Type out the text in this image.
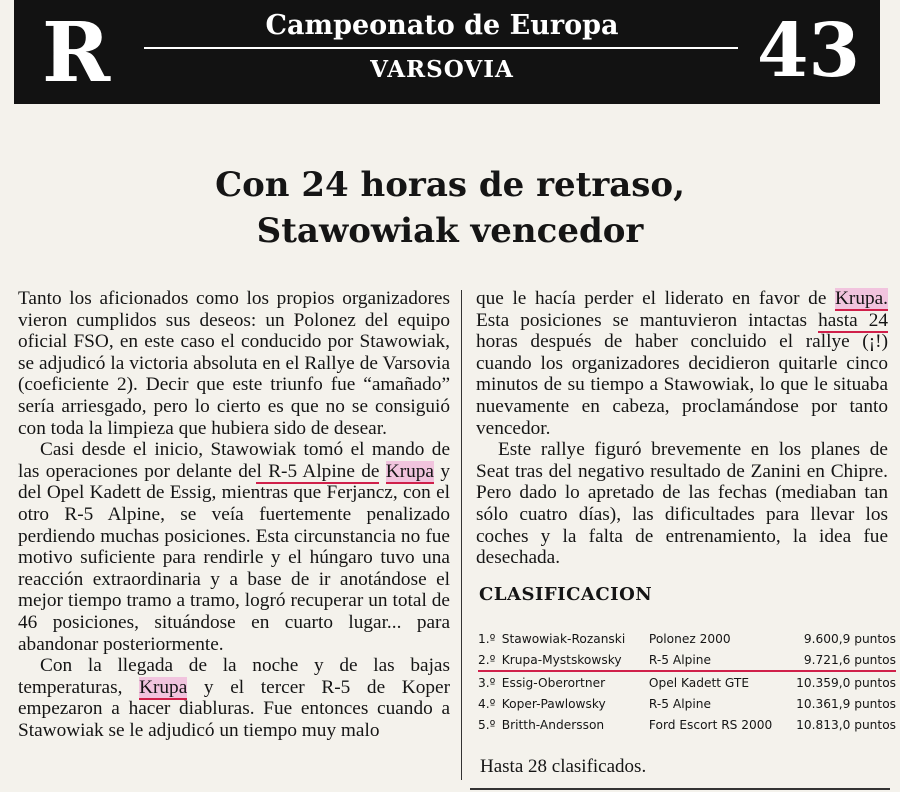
R	Campeonato de Europa
VARSOVIA	43
Con 24 horas de retraso,
Stawowiak vencedor

Tanto los aficionados como los propios organizadores vieron cumplidos sus deseos: un Polonez del equipo oficial FSO, en este caso el conducido por Stawowiak, se adjudicó la victoria absoluta en el Rallye de Varsovia (coeficiente 2). Decir que este triunfo fue “amañado” sería arriesgado, pero lo cierto es que no se consiguió con toda la limpieza que hubiera sido de desear.

Casi desde el inicio, Stawowiak tomó el mando de las operaciones por delante del R-5 Alpine de Krupa y del Opel Kadett de Essig, mientras que Ferjancz, con el otro R-5 Alpine, se veía fuertemente penalizado perdiendo muchas posiciones. Esta circunstancia no fue motivo suficiente para rendirle y el húngaro tuvo una reacción extraordinaria y a base de ir anotándose el mejor tiempo tramo a tramo, logró recuperar un total de 46 posiciones, situándose en cuarto lugar... para abandonar posteriormente.

Con la llegada de la noche y de las bajas temperaturas, Krupa y el tercer R-5 de Koper empezaron a hacer diabluras. Fue entonces cuando a Stawowiak se le adjudicó un tiempo muy malo

que le hacía perder el liderato en favor de Krupa. Esta posiciones se mantuvieron intactas hasta 24 horas después de haber concluido el rallye (¡!) cuando los organizadores decidieron quitarle cinco minutos de su tiempo a Stawowiak, lo que le situaba nuevamente en cabeza, proclamándose por tanto vencedor.

Este rallye figuró brevemente en los planes de Seat tras del negativo resultado de Zanini en Chipre. Pero dado lo apretado de las fechas (mediaban tan sólo cuatro días), las dificultades para llevar los coches y la falta de entrenamiento, la idea fue desechada.

CLASIFICACION
1.º	Stawowiak-Rozanski	Polonez 2000	9.600,9 puntos
2.º	Krupa-Mystskowsky	R-5 Alpine	9.721,6 puntos
3.º	Essig-Oberortner	Opel Kadett GTE	10.359,0 puntos
4.º	Koper-Pawlowsky	R-5 Alpine	10.361,9 puntos
5.º	Britth-Andersson	Ford Escort RS 2000	10.813,0 puntos
Hasta 28 clasificados.
